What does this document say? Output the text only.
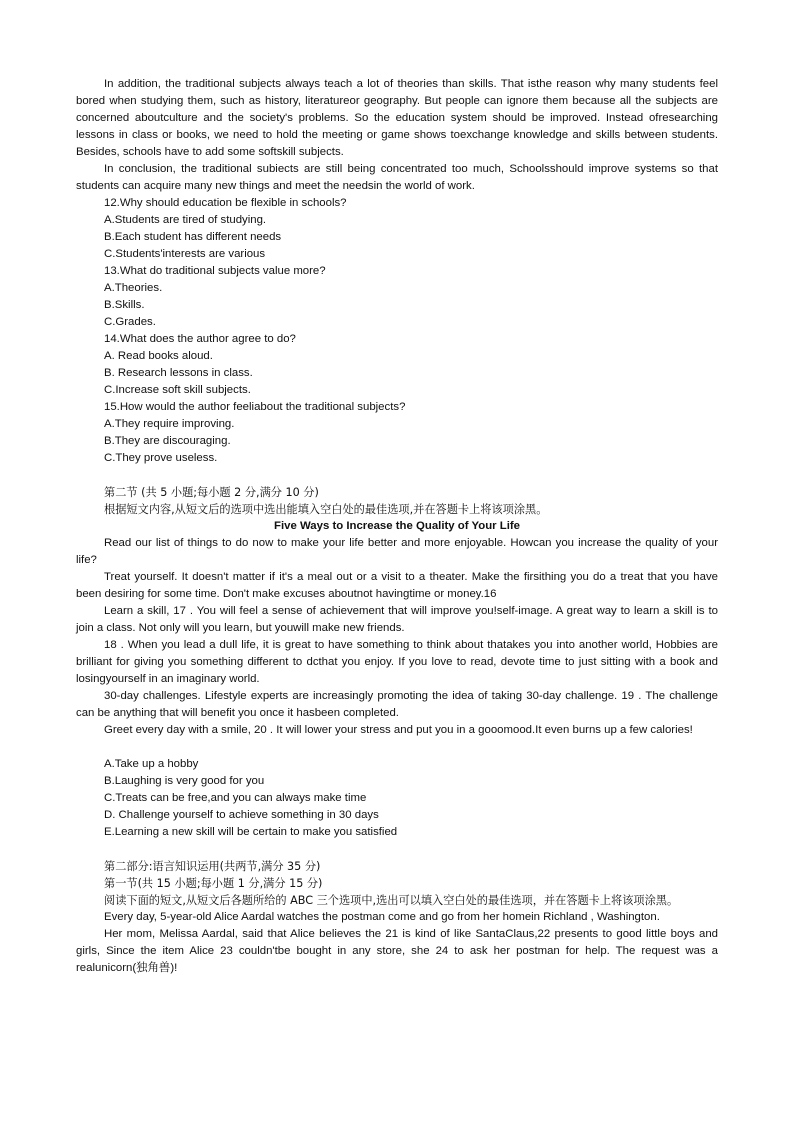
In addition, the traditional subjects always teach a lot of theories than skills. That isthe reason why many students feel bored when studying them, such as history, literatureor geography. But people can ignore them because all the subjects are concerned aboutculture and the society's problems. So the education system should be improved. Instead ofresearching lessons in class or books, we need to hold the meeting or game shows toexchange knowledge and skills between students. Besides, schools have to add some softskill subjects.

In conclusion, the traditional subiects are still being concentrated too much, Schoolsshould improve systems so that students can acquire many new things and meet the needsin the world of work.

12.Why should education be flexible in schools?

A.Students are tired of studying.

B.Each student has different needs

C.Students'interests are various

13.What do traditional subjects value more?

A.Theories.

B.Skills.

C.Grades.

14.What does the author agree to do?

A. Read books aloud.

B. Research lessons in class.

C.Increase soft skill subjects.

15.How would the author feeliabout the traditional subjects?

A.They require improving.

B.They are discouraging.

C.They prove useless.

第二节 (共 5 小题;每小题 2 分,满分 10 分)

根据短文内容,从短文后的选项中选出能填入空白处的最佳选项,并在答题卡上将该项涂黑。

Five Ways to Increase the Quality of Your Life

Read our list of things to do now to make your life better and more enjoyable. Howcan you increase the quality of your life?

Treat yourself. It doesn't matter if it's a meal out or a visit to a theater. Make the firsithing you do a treat that you have been desiring for some time. Don't make excuses aboutnot havingtime or money.16

Learn a skill, 17 . You will feel a sense of achievement that will improve you!self-image. A great way to learn a skill is to join a class. Not only will you learn, but youwill make new friends.

18 . When you lead a dull life, it is great to have something to think about thatakes you into another world, Hobbies are brilliant for giving you something different to dcthat you enjoy. If you love to read, devote time to just sitting with a book and losingyourself in an imaginary world.

30-day challenges. Lifestyle experts are increasingly promoting the idea of taking 30-day challenge. 19 . The challenge can be anything that will benefit you once it hasbeen completed.

Greet every day with a smile, 20 . It will lower your stress and put you in a gooomood.It even burns up a few calories!

A.Take up a hobby

B.Laughing is very good for you

C.Treats can be free,and you can always make time

D. Challenge yourself to achieve something in 30 days

E.Learning a new skill will be certain to make you satisfied

第二部分:语言知识运用(共两节,满分 35 分)

第一节(共 15 小题;每小题 1 分,满分 15 分)

阅读下面的短文,从短文后各题所给的 ABC 三个选项中,选出可以填入空白处的最佳选项，并在答题卡上将该项涂黑。

Every day, 5-year-old Alice Aardal watches the postman come and go from her homein Richland , Washington.

Her mom, Melissa Aardal, said that Alice believes the 21 is kind of like SantaClaus,22 presents to good little boys and girls, Since the item Alice 23 couldn'tbe bought in any store, she 24 to ask her postman for help. The request was a realunicorn(独角兽)!
